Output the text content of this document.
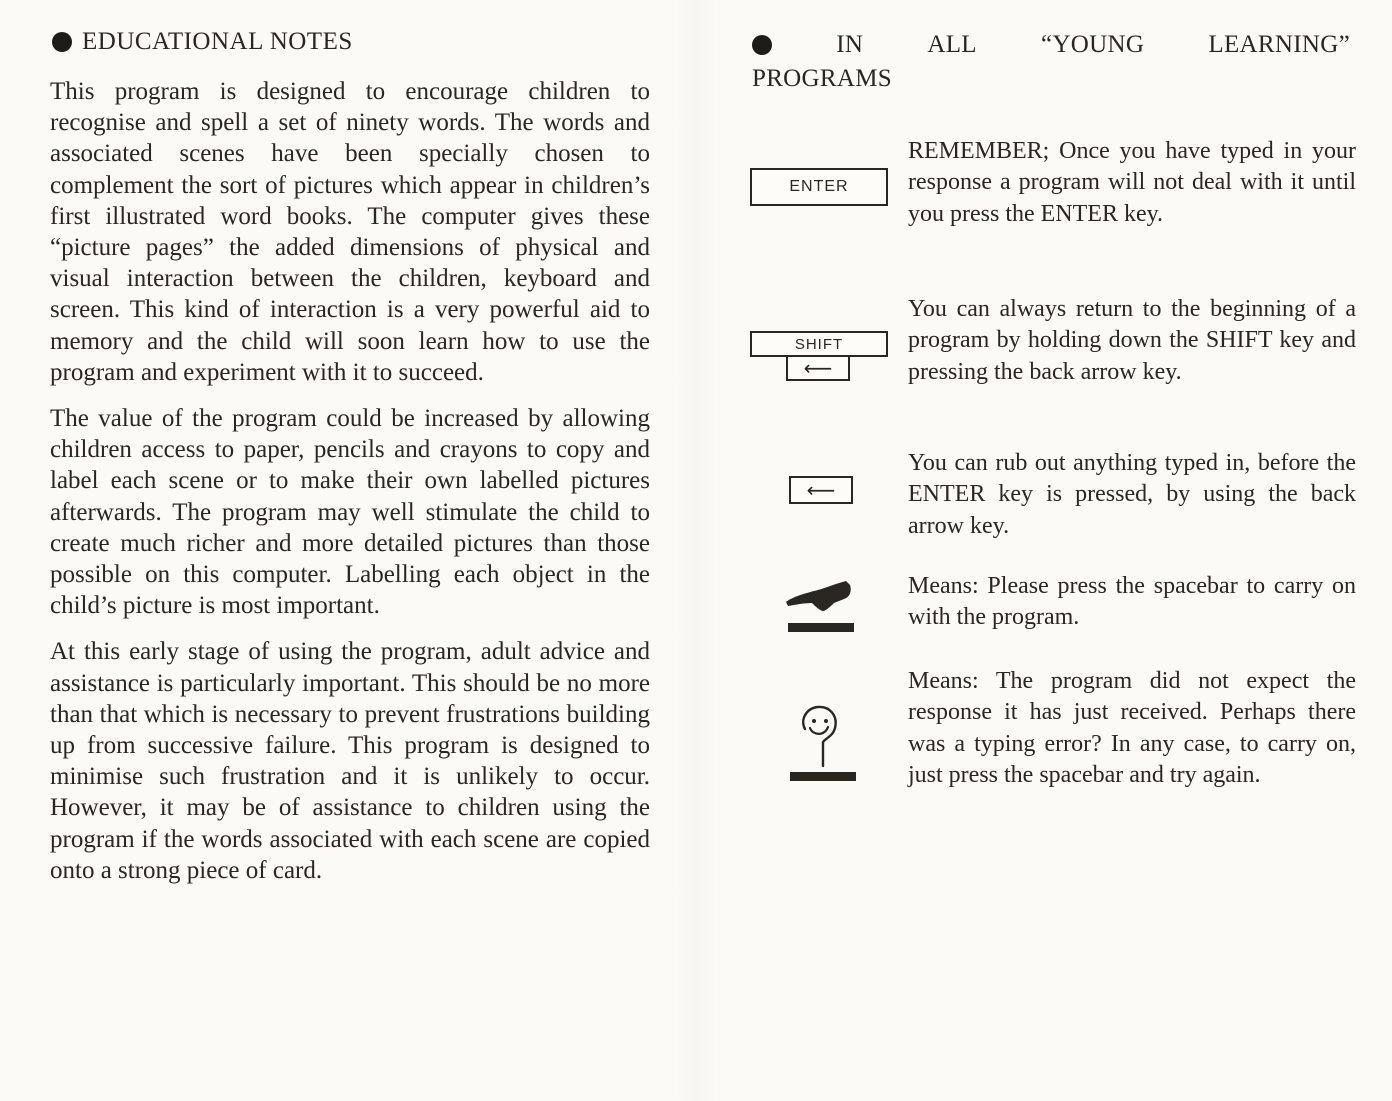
EDUCATIONAL NOTES

This program is designed to encourage children to recognise and spell a set of ninety words. The words and associated scenes have been specially chosen to complement the sort of pictures which appear in children’s first illustrated word books. The computer gives these “picture pages” the added dimensions of physical and visual interaction between the children, keyboard and screen. This kind of interaction is a very powerful aid to memory and the child will soon learn how to use the program and experiment with it to succeed.

The value of the program could be increased by allowing children access to paper, pencils and crayons to copy and label each scene or to make their own labelled pictures afterwards. The program may well stimulate the child to create much richer and more detailed pictures than those possible on this computer. Labelling each object in the child’s picture is most important.

At this early stage of using the program, adult advice and assistance is particularly important. This should be no more than that which is necessary to prevent frustrations building up from successive failure. This program is designed to minimise such frustration and it is unlikely to occur. However, it may be of assistance to children using the program if the words associated with each scene are copied onto a strong piece of card.

IN	ALL	“YOUNG	LEARNING”
PROGRAMS
ENTER
REMEMBER; Once you have typed in your response a program will not deal with it until you press the ENTER key.
SHIFT
⟵
You can always return to the beginning of a program by holding down the SHIFT key and pressing the back arrow key.
⟵
You can rub out anything typed in, before the ENTER key is pressed, by using the back arrow key.
Means: Please press the spacebar to carry on with the program.
Means: The program did not expect the response it has just received. Perhaps there was a typing error? In any case, to carry on, just press the spacebar and try again.
